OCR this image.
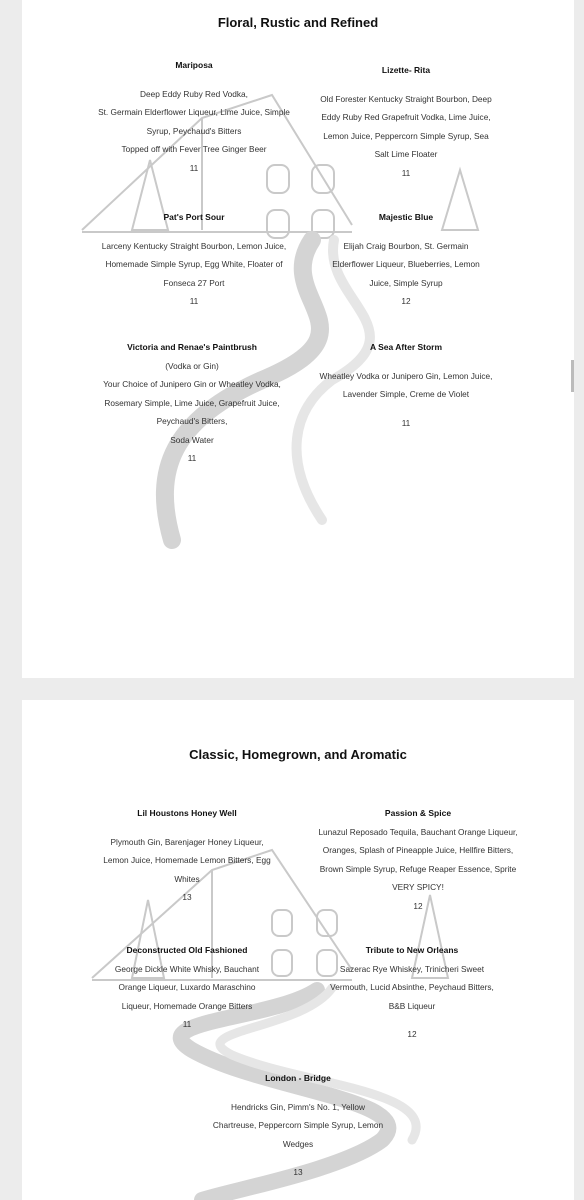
Floral, Rustic and Refined
Mariposa
Deep Eddy Ruby Red Vodka,
St. Germain Elderflower Liqueur, Lime Juice, Simple
Syrup, Peychaud's Bitters
Topped off with Fever Tree Ginger Beer
11
Lizette- Rita
Old Forester Kentucky Straight Bourbon, Deep
Eddy Ruby Red Grapefruit Vodka, Lime Juice,
Lemon Juice, Peppercorn Simple Syrup, Sea
Salt Lime Floater
11
Pat's Port Sour
Larceny Kentucky Straight Bourbon, Lemon Juice,
Homemade Simple Syrup, Egg White, Floater of
Fonseca 27 Port
11
Majestic Blue
Elijah Craig Bourbon, St. Germain
Elderflower Liqueur, Blueberries, Lemon
Juice, Simple Syrup
12
Victoria and Renae's Paintbrush
(Vodka or Gin)
Your Choice of Junipero Gin or Wheatley Vodka,
Rosemary Simple, Lime Juice, Grapefruit Juice,
Peychaud's Bitters,
Soda Water
11
A Sea After Storm
Wheatley Vodka or Junipero Gin, Lemon Juice,
Lavender Simple, Creme de Violet
11
Classic, Homegrown, and Aromatic
Lil Houstons Honey Well
Plymouth Gin, Barenjager Honey Liqueur,
Lemon Juice, Homemade Lemon Bitters, Egg
Whites
13
Passion & Spice
Lunazul Reposado Tequila, Bauchant Orange Liqueur,
Oranges, Splash of Pineapple Juice, Hellfire Bitters,
Brown Simple Syrup, Refuge Reaper Essence, Sprite
VERY SPICY!
12
Deconstructed Old Fashioned
George Dickle White Whisky, Bauchant
Orange Liqueur, Luxardo Maraschino
Liqueur, Homemade Orange Bitters
11
Tribute to New Orleans
Sazerac Rye Whiskey, Trinicheri Sweet
Vermouth, Lucid Absinthe, Peychaud Bitters,
B&B Liqueur
12
London - Bridge
Hendricks Gin, Pimm's No. 1, Yellow
Chartreuse, Peppercorn Simple Syrup, Lemon
Wedges
13
